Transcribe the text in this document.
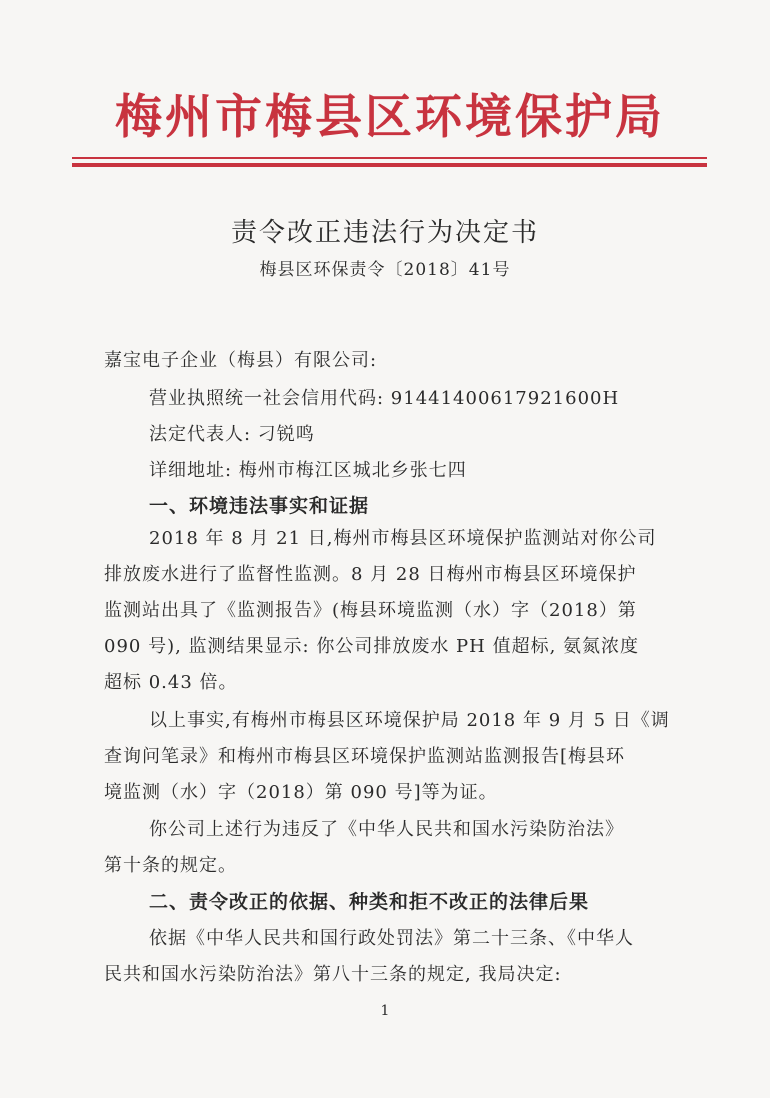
梅州市梅县区环境保护局
责令改正违法行为决定书
梅县区环保责令〔2018〕41号
嘉宝电子企业（梅县）有限公司:
营业执照统一社会信用代码: 91441400617921600H
法定代表人: 刁锐鸣
详细地址: 梅州市梅江区城北乡张七四
一、环境违法事实和证据
2018 年 8 月 21 日,梅州市梅县区环境保护监测站对你公司
排放废水进行了监督性监测。8 月 28 日梅州市梅县区环境保护
监测站出具了《监测报告》(梅县环境监测（水）字（2018）第
090 号), 监测结果显示: 你公司排放废水 PH 值超标, 氨氮浓度
超标 0.43 倍。
以上事实,有梅州市梅县区环境保护局 2018 年 9 月 5 日《调
查询问笔录》和梅州市梅县区环境保护监测站监测报告[梅县环
境监测（水）字（2018）第 090 号]等为证。
你公司上述行为违反了《中华人民共和国水污染防治法》
第十条的规定。
二、责令改正的依据、种类和拒不改正的法律后果
依据《中华人民共和国行政处罚法》第二十三条、《中华人
民共和国水污染防治法》第八十三条的规定, 我局决定:
1
